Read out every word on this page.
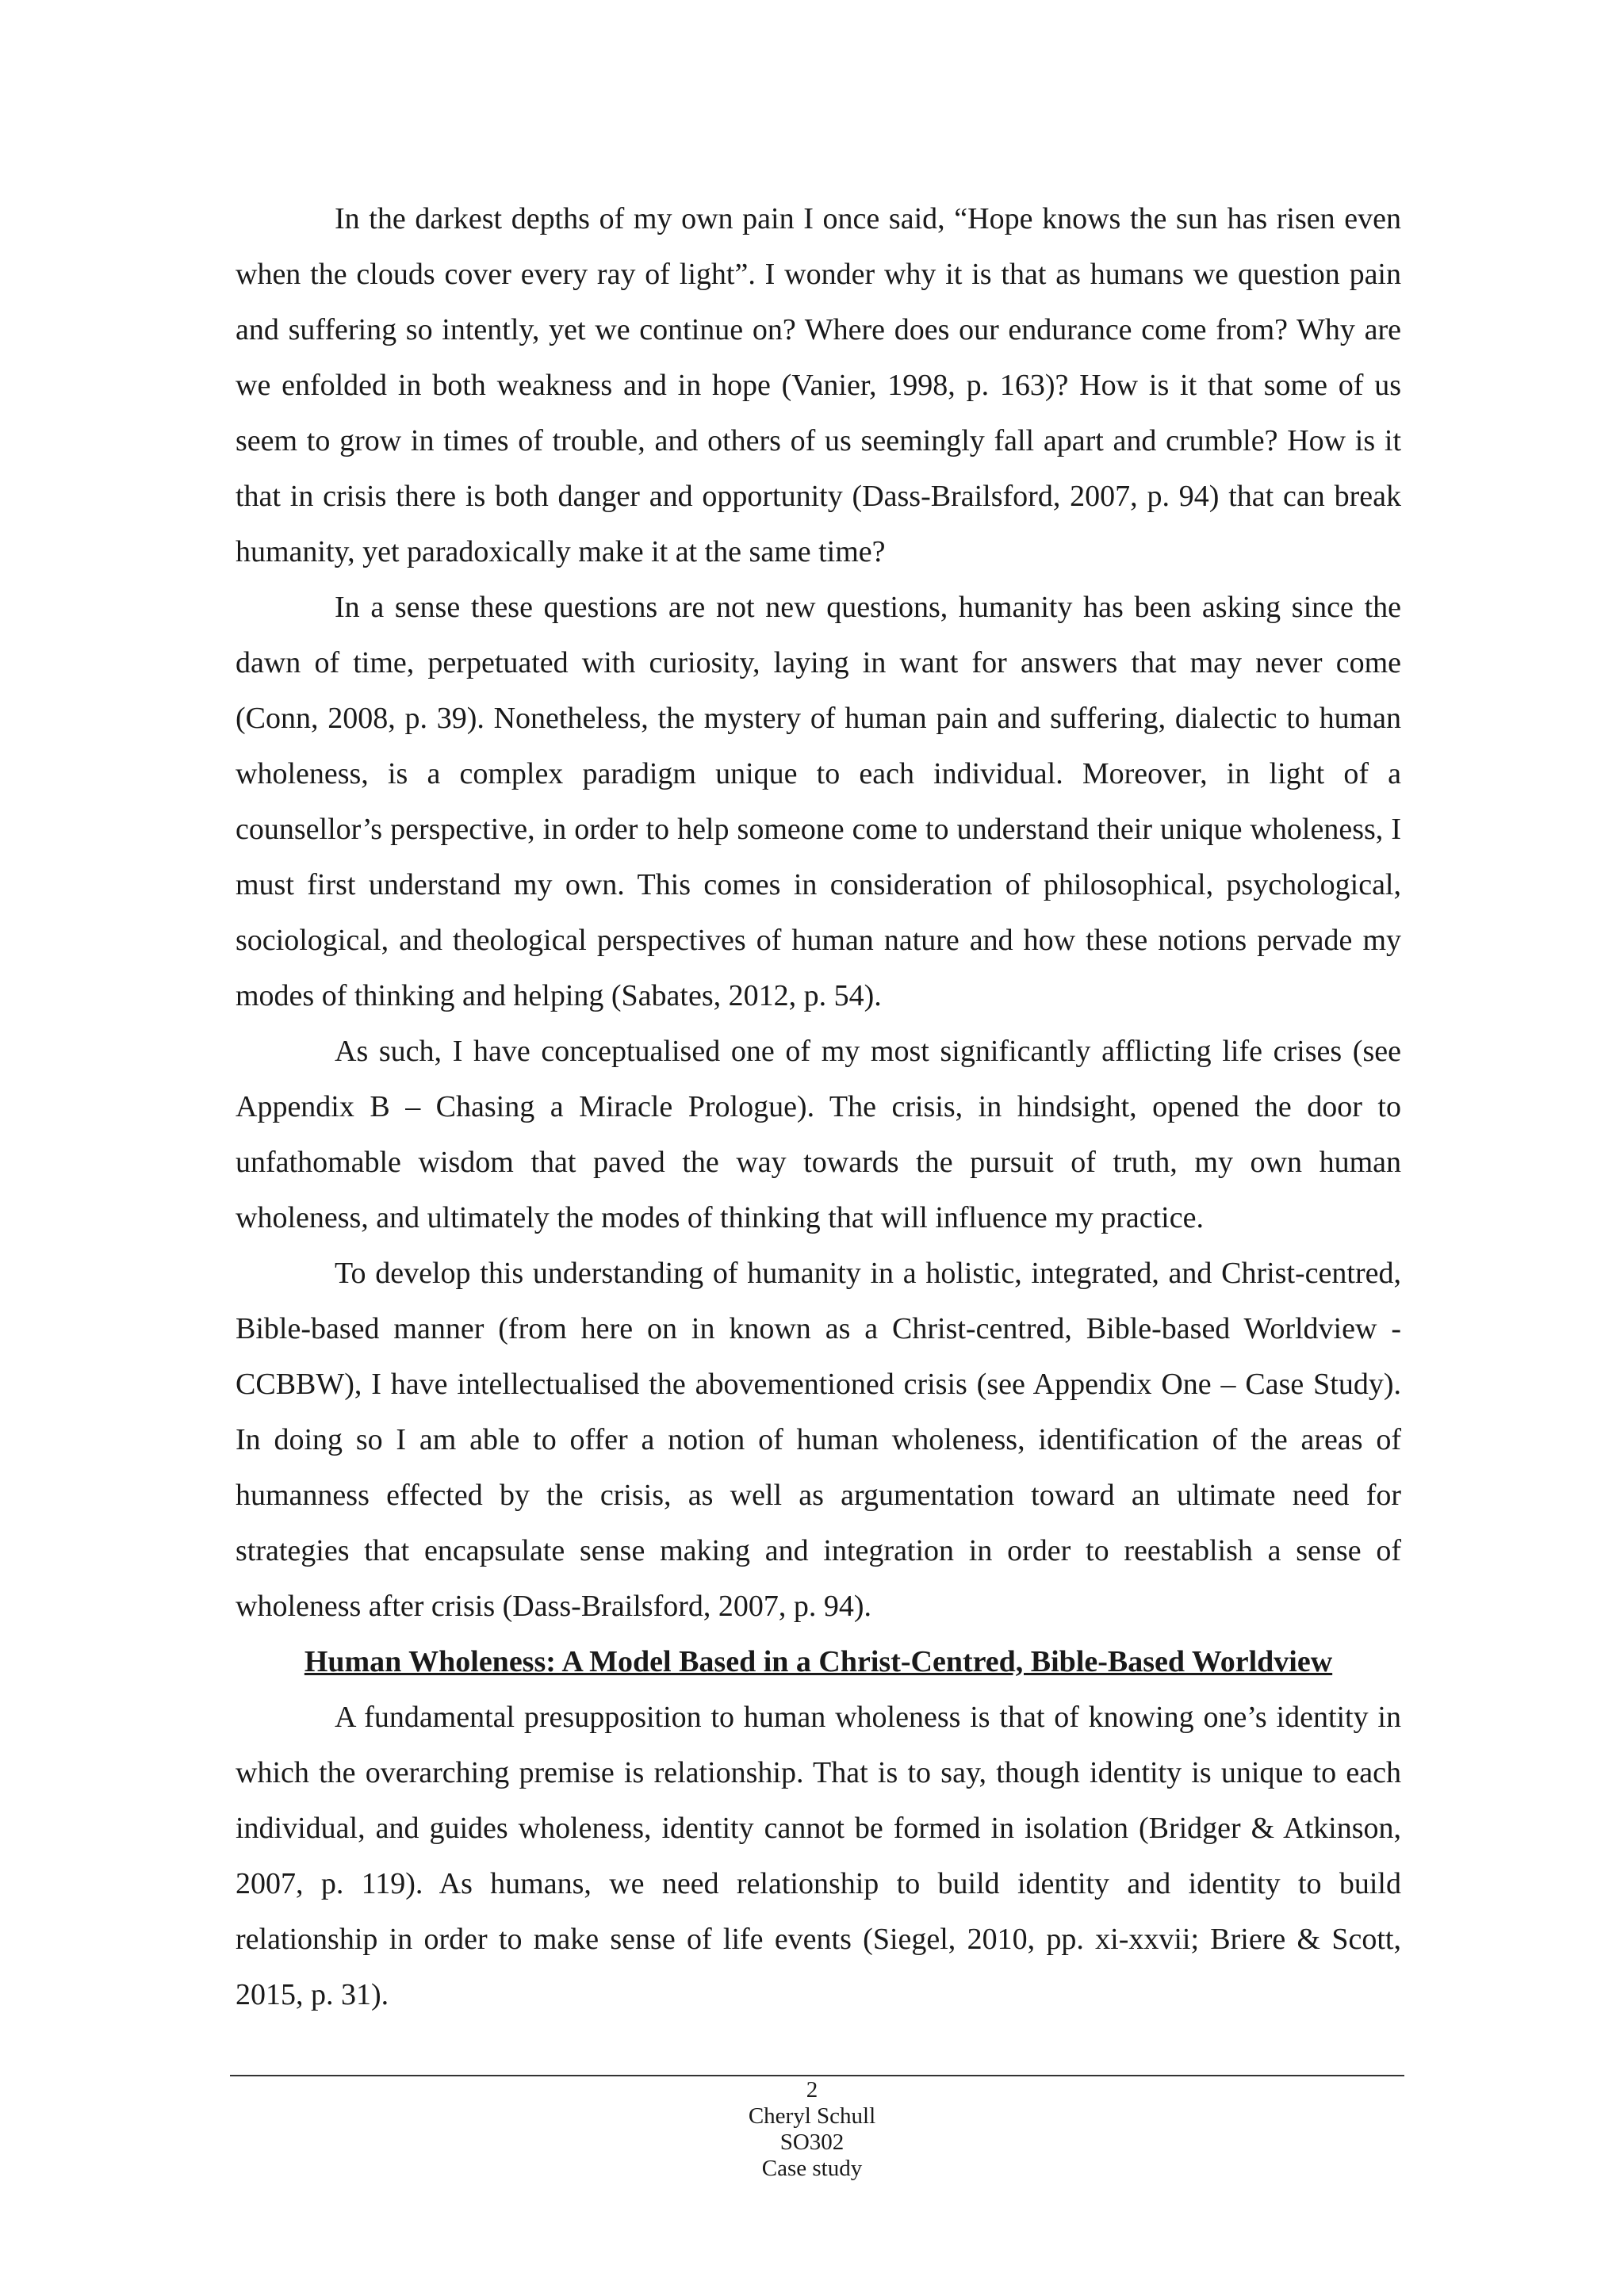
In the darkest depths of my own pain I once said, “Hope knows the sun has risen even when the clouds cover every ray of light”. I wonder why it is that as humans we question pain and suffering so intently, yet we continue on? Where does our endurance come from? Why are we enfolded in both weakness and in hope (Vanier, 1998, p. 163)? How is it that some of us seem to grow in times of trouble, and others of us seemingly fall apart and crumble? How is it that in crisis there is both danger and opportunity (Dass-Brailsford, 2007, p. 94) that can break humanity, yet paradoxically make it at the same time?

In a sense these questions are not new questions, humanity has been asking since the dawn of time, perpetuated with curiosity, laying in want for answers that may never come (Conn, 2008, p. 39). Nonetheless, the mystery of human pain and suffering, dialectic to human wholeness, is a complex paradigm unique to each individual. Moreover, in light of a counsellor’s perspective, in order to help someone come to understand their unique wholeness, I must first understand my own. This comes in consideration of philosophical, psychological, sociological, and theological perspectives of human nature and how these notions pervade my modes of thinking and helping (Sabates, 2012, p. 54).

As such, I have conceptualised one of my most significantly afflicting life crises (see Appendix B – Chasing a Miracle Prologue). The crisis, in hindsight, opened the door to unfathomable wisdom that paved the way towards the pursuit of truth, my own human wholeness, and ultimately the modes of thinking that will influence my practice.

To develop this understanding of humanity in a holistic, integrated, and Christ-centred, Bible-based manner (from here on in known as a Christ-centred, Bible-based Worldview - CCBBW), I have intellectualised the abovementioned crisis (see Appendix One – Case Study). In doing so I am able to offer a notion of human wholeness, identification of the areas of humanness effected by the crisis, as well as argumentation toward an ultimate need for strategies that encapsulate sense making and integration in order to reestablish a sense of wholeness after crisis (Dass-Brailsford, 2007, p. 94).

Human Wholeness: A Model Based in a Christ-Centred, Bible-Based Worldview

A fundamental presupposition to human wholeness is that of knowing one’s identity in which the overarching premise is relationship. That is to say, though identity is unique to each individual, and guides wholeness, identity cannot be formed in isolation (Bridger & Atkinson, 2007, p. 119). As humans, we need relationship to build identity and identity to build relationship in order to make sense of life events (Siegel, 2010, pp. xi-xxvii; Briere & Scott, 2015, p. 31).

2
Cheryl Schull
SO302
Case study
